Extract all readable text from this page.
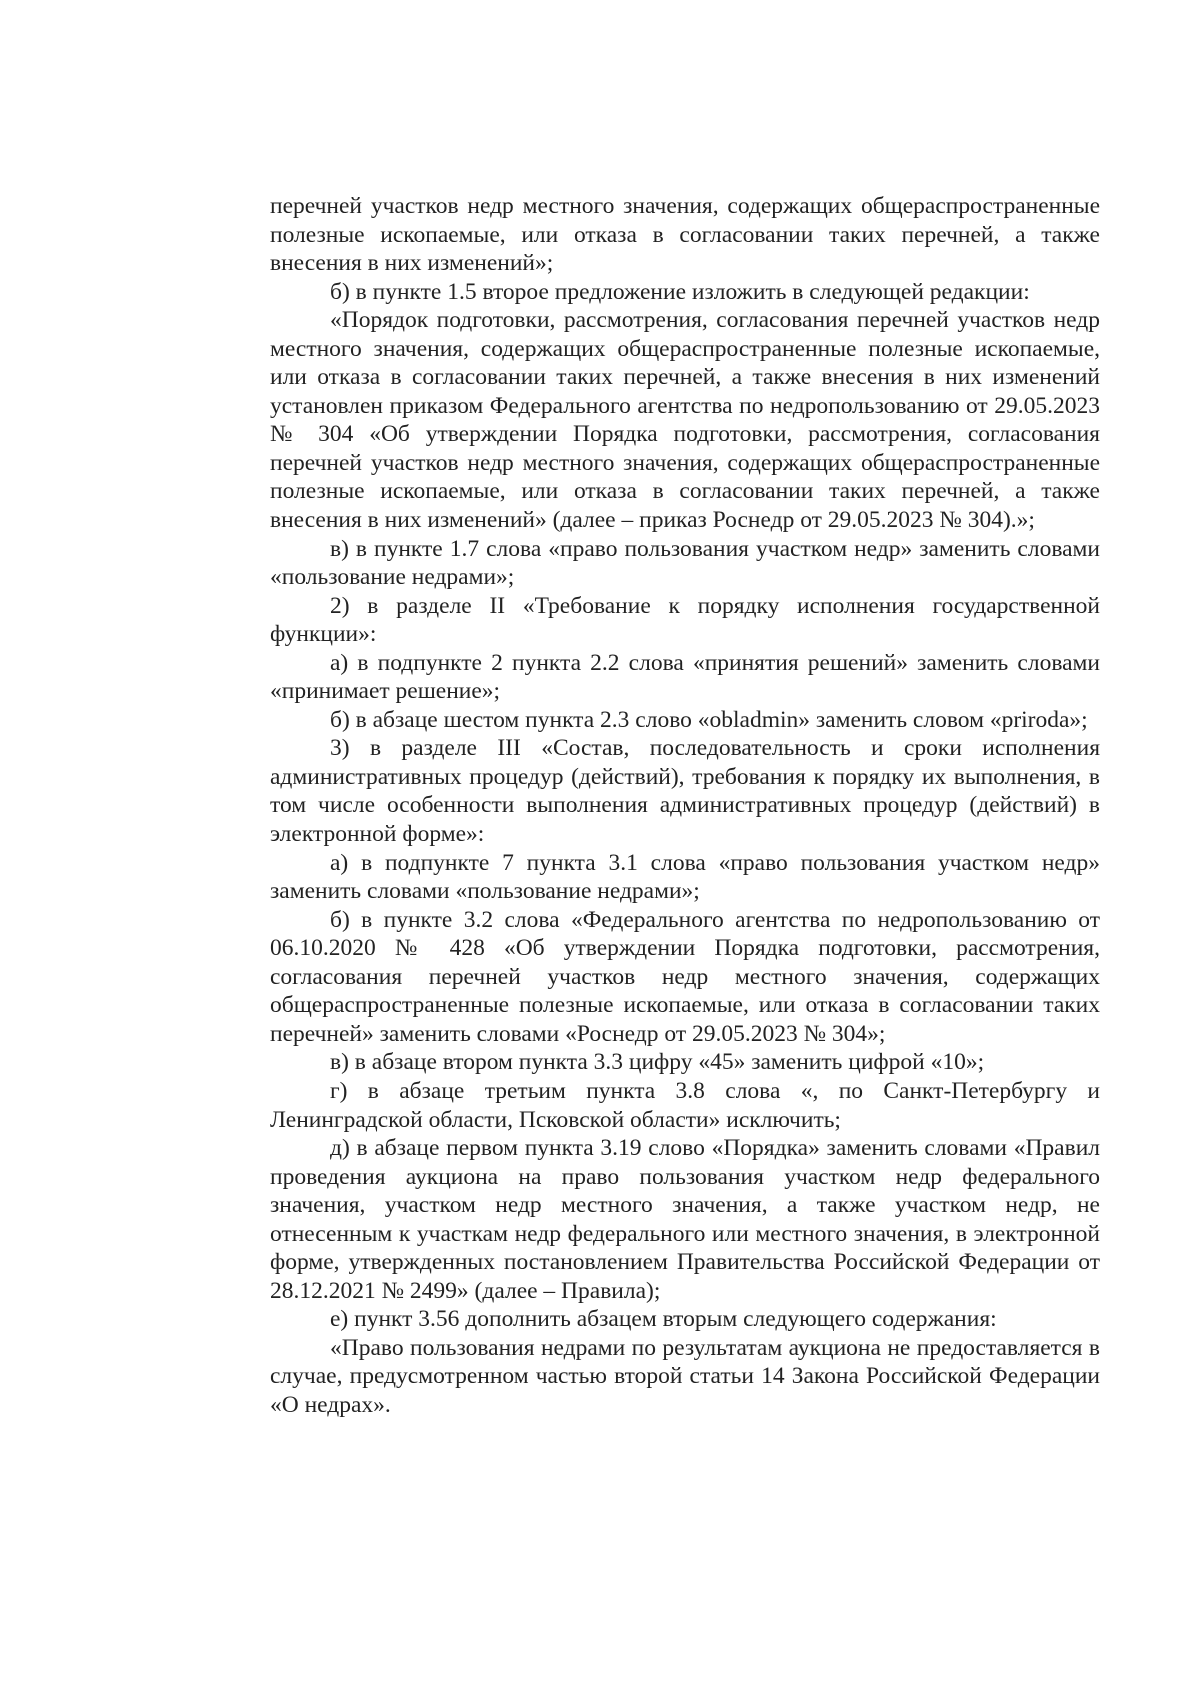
перечней участков недр местного значения, содержащих общераспространенные полезные ископаемые, или отказа в согласовании таких перечней, а также внесения в них изменений»;

б) в пункте 1.5 второе предложение изложить в следующей редакции:

«Порядок подготовки, рассмотрения, согласования перечней участков недр местного значения, содержащих общераспространенные полезные ископаемые, или отказа в согласовании таких перечней, а также внесения в них изменений установлен приказом Федерального агентства по недропользованию от 29.05.2023 № 304 «Об утверждении Порядка подготовки, рассмотрения, согласования перечней участков недр местного значения, содержащих общераспространенные полезные ископаемые, или отказа в согласовании таких перечней, а также внесения в них изменений» (далее – приказ Роснедр от 29.05.2023 № 304).»;

в) в пункте 1.7 слова «право пользования участком недр» заменить словами «пользование недрами»;

2) в разделе II «Требование к порядку исполнения государственной функции»:

а) в подпункте 2 пункта 2.2 слова «принятия решений» заменить словами «принимает решение»;

б) в абзаце шестом пункта 2.3 слово «obladmin» заменить словом «priroda»;

3) в разделе III «Состав, последовательность и сроки исполнения административных процедур (действий), требования к порядку их выполнения, в том числе особенности выполнения административных процедур (действий) в электронной форме»:

а) в подпункте 7 пункта 3.1 слова «право пользования участком недр» заменить словами «пользование недрами»;

б) в пункте 3.2 слова «Федерального агентства по недропользованию от 06.10.2020 № 428 «Об утверждении Порядка подготовки, рассмотрения, согласования перечней участков недр местного значения, содержащих общераспространенные полезные ископаемые, или отказа в согласовании таких перечней» заменить словами «Роснедр от 29.05.2023 № 304»;

в) в абзаце втором пункта 3.3 цифру «45» заменить цифрой «10»;

г) в абзаце третьим пункта 3.8 слова «, по Санкт-Петербургу и Ленинградской области, Псковской области» исключить;

д) в абзаце первом пункта 3.19 слово «Порядка» заменить словами «Правил проведения аукциона на право пользования участком недр федерального значения, участком недр местного значения, а также участком недр, не отнесенным к участкам недр федерального или местного значения, в электронной форме, утвержденных постановлением Правительства Российской Федерации от 28.12.2021 № 2499» (далее – Правила);

е) пункт 3.56 дополнить абзацем вторым следующего содержания:

«Право пользования недрами по результатам аукциона не предоставляется в случае, предусмотренном частью второй статьи 14 Закона Российской Федерации «О недрах».
